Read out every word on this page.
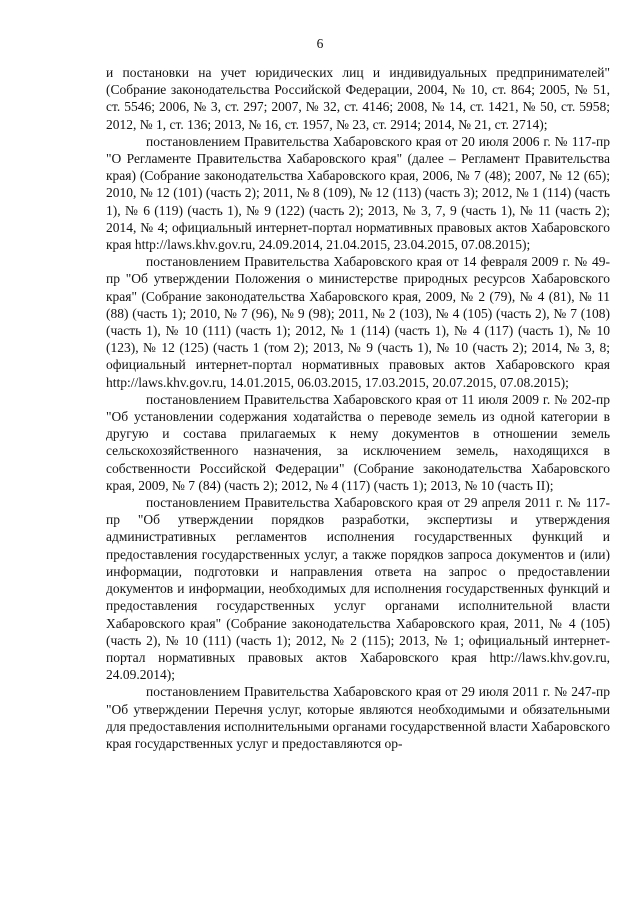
6

и постановки на учет юридических лиц и индивидуальных предпринимателей" (Собрание законодательства Российской Федерации, 2004, № 10, ст. 864; 2005, № 51, ст. 5546; 2006, № 3, ст. 297; 2007, № 32, ст. 4146; 2008, № 14, ст. 1421, № 50, ст. 5958; 2012, № 1, ст. 136; 2013, № 16, ст. 1957, № 23, ст. 2914; 2014, № 21, ст. 2714);

постановлением Правительства Хабаровского края от 20 июля 2006 г. № 117-пр "О Регламенте Правительства Хабаровского края" (далее – Регламент Правительства края) (Собрание законодательства Хабаровского края, 2006, № 7 (48); 2007, № 12 (65); 2010, № 12 (101) (часть 2); 2011, № 8 (109), № 12 (113) (часть 3); 2012, № 1 (114) (часть 1), № 6 (119) (часть 1), № 9 (122) (часть 2); 2013, № 3, 7, 9 (часть 1), № 11 (часть 2); 2014, № 4; официальный интернет-портал нормативных правовых актов Хабаровского края http://laws.khv.gov.ru, 24.09.2014, 21.04.2015, 23.04.2015, 07.08.2015);

постановлением Правительства Хабаровского края от 14 февраля 2009 г. № 49-пр "Об утверждении Положения о министерстве природных ресурсов Хабаровского края" (Собрание законодательства Хабаровского края, 2009, № 2 (79), № 4 (81), № 11 (88) (часть 1); 2010, № 7 (96), № 9 (98); 2011, № 2 (103), № 4 (105) (часть 2), № 7 (108) (часть 1), № 10 (111) (часть 1); 2012, № 1 (114) (часть 1), № 4 (117) (часть 1), № 10 (123), № 12 (125) (часть 1 (том 2); 2013, № 9 (часть 1), № 10 (часть 2); 2014, № 3, 8; официальный интернет-портал нормативных правовых актов Хабаровского края http://laws.khv.gov.ru, 14.01.2015, 06.03.2015, 17.03.2015, 20.07.2015, 07.08.2015);

постановлением Правительства Хабаровского края от 11 июля 2009 г. № 202-пр "Об установлении содержания ходатайства о переводе земель из одной категории в другую и состава прилагаемых к нему документов в отношении земель сельскохозяйственного назначения, за исключением земель, находящихся в собственности Российской Федерации" (Собрание законодательства Хабаровского края, 2009, № 7 (84) (часть 2); 2012, № 4 (117) (часть 1); 2013, № 10 (часть II);

постановлением Правительства Хабаровского края от 29 апреля 2011 г. № 117-пр "Об утверждении порядков разработки, экспертизы и утверждения административных регламентов исполнения государственных функций и предоставления государственных услуг, а также порядков запроса документов и (или) информации, подготовки и направления ответа на запрос о предоставлении документов и информации, необходимых для исполнения государственных функций и предоставления государственных услуг органами исполнительной власти Хабаровского края" (Собрание законодательства Хабаровского края, 2011, № 4 (105) (часть 2), № 10 (111) (часть 1); 2012, № 2 (115); 2013, № 1; официальный интернет-портал нормативных правовых актов Хабаровского края http://laws.khv.gov.ru, 24.09.2014);

постановлением Правительства Хабаровского края от 29 июля 2011 г. № 247-пр "Об утверждении Перечня услуг, которые являются необходимыми и обязательными для предоставления исполнительными органами государственной власти Хабаровского края государственных услуг и предоставляются ор-
